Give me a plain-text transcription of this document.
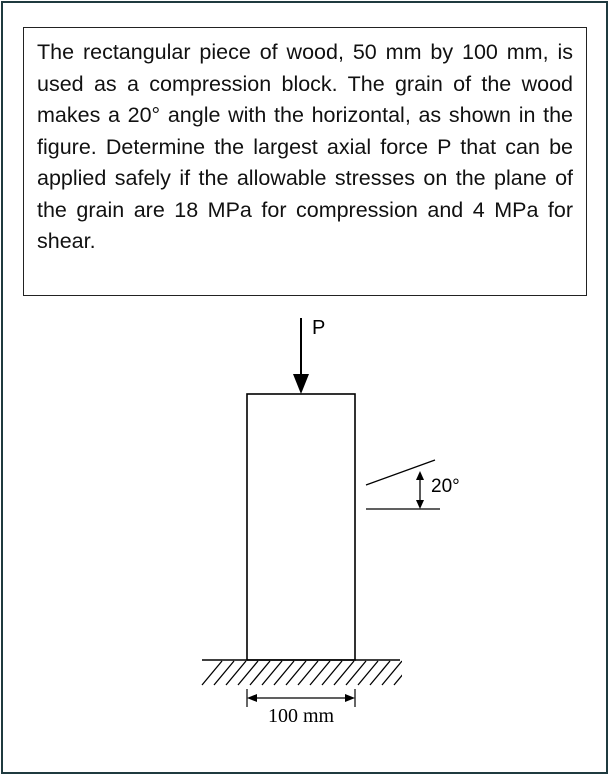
The rectangular piece of wood, 50 mm by 100 mm, is used as a compression block. The grain of the wood makes a 20° angle with the horizontal, as shown in the figure. Determine the largest axial force P that can be applied safely if the allowable stresses on the plane of the grain are 18 MPa for compression and 4 MPa for shear.

P
20°
100 mm
